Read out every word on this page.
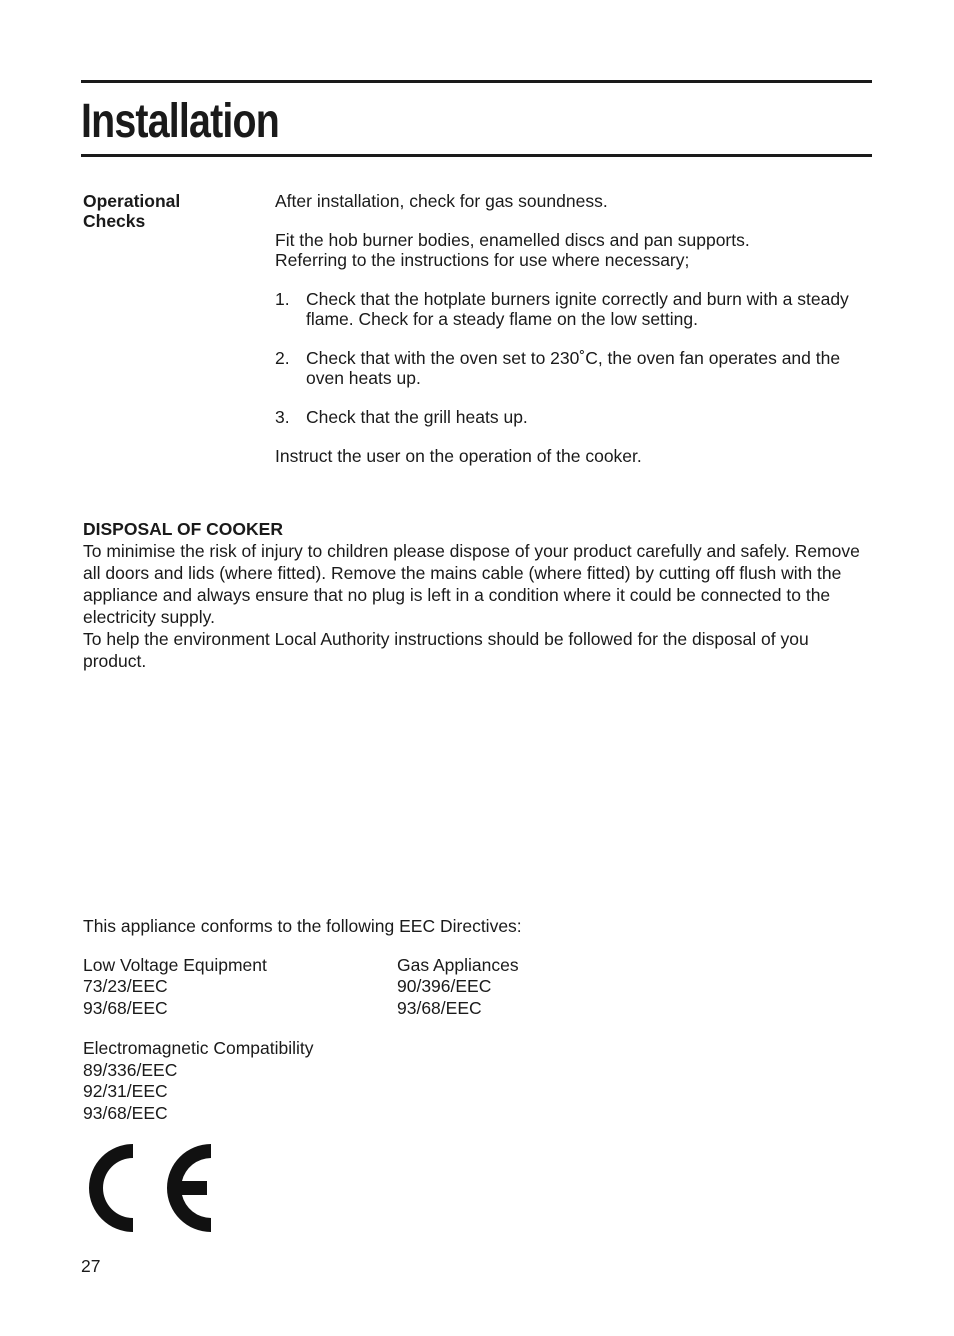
Installation
Operational
Checks

After installation, check for gas soundness.

Fit the hob burner bodies, enamelled discs and pan supports.
Referring to the instructions for use where necessary;

1. Check that the hotplate burners ignite correctly and burn with a steady flame. Check for a steady flame on the low setting.
2. Check that with the oven set to 230˚C, the oven fan operates and the oven heats up.
3. Check that the grill heats up.

Instruct the user on the operation of the cooker.

DISPOSAL OF COOKER

To minimise the risk of injury to children please dispose of your product carefully and safely. Remove all doors and lids (where fitted). Remove the mains cable (where fitted) by cutting off flush with the appliance and always ensure that no plug is left in a condition where it could be connected to the electricity supply.

To help the environment Local Authority instructions should be followed for the disposal of you product.

This appliance conforms to the following EEC Directives:

Low Voltage Equipment
73/23/EEC
93/68/EEC
Gas Appliances
90/396/EEC
93/68/EEC
Electromagnetic Compatibility
89/336/EEC
92/31/EEC
93/68/EEC
27
